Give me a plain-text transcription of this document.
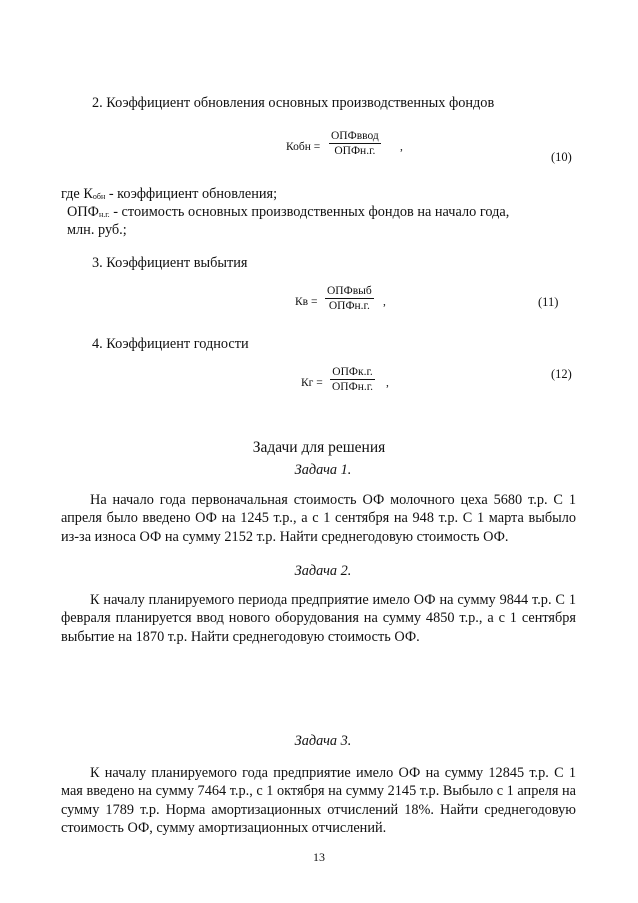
2. Коэффициент обновления основных производственных фондов
Кобн =
ОПФввод
ОПФн.г.	,
(10)
где Кобн - коэффициент обновления;
ОПФн.г. - стоимость основных производственных фондов на начало года,
млн. руб.;
3. Коэффициент выбытия
Кв =
ОПФвыб
ОПФн.г.	,	(11)
4. Коэффициент годности
Кг =
ОПФк.г.
ОПФн.г. ,
(12)
Задачи для решения
Задача 1.
На начало года первоначальная стоимость ОФ молочного цеха 5680 т.р. С 1 апреля было введено ОФ на 1245 т.р., а с 1 сентября на 948 т.р. С 1 марта выбыло из-за износа ОФ на сумму 2152 т.р. Найти среднегодовую стоимость ОФ.
Задача 2.
К началу планируемого периода предприятие имело ОФ на сумму 9844 т.р. С 1 февраля планируется ввод нового оборудования на сумму 4850 т.р., а с 1 сентября выбытие на 1870 т.р. Найти среднегодовую стоимость ОФ.
Задача 3.
К началу планируемого года предприятие имело ОФ на сумму 12845 т.р. С 1 мая введено на сумму 7464 т.р., с 1 октября на сумму 2145 т.р. Выбыло с 1 апреля на сумму 1789 т.р. Норма амортизационных отчислений 18%. Найти среднегодовую стоимость ОФ, сумму амортизационных отчислений.
13
